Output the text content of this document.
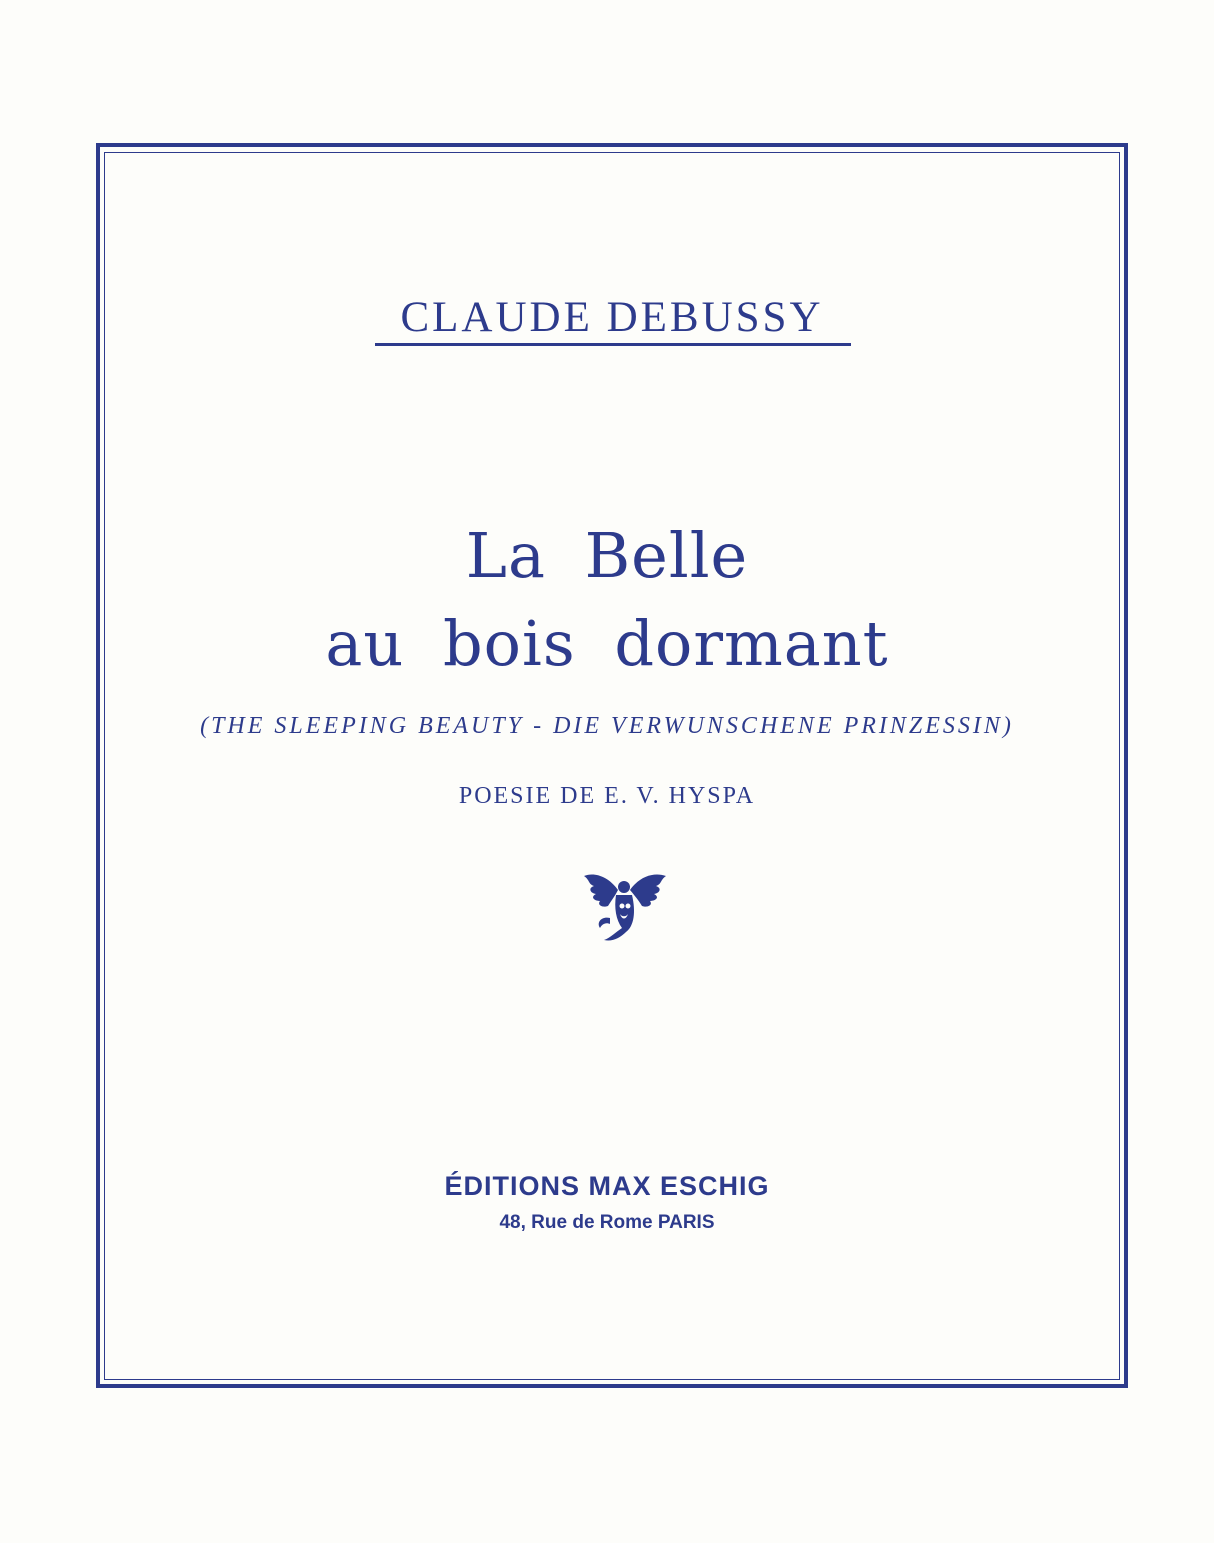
CLAUDE DEBUSSY
La Belle
au bois dormant
(THE SLEEPING BEAUTY - DIE VERWUNSCHENE PRINZESSIN)
POESIE DE E. V. HYSPA
ÉDITIONS MAX ESCHIG
48, Rue de Rome PARIS
